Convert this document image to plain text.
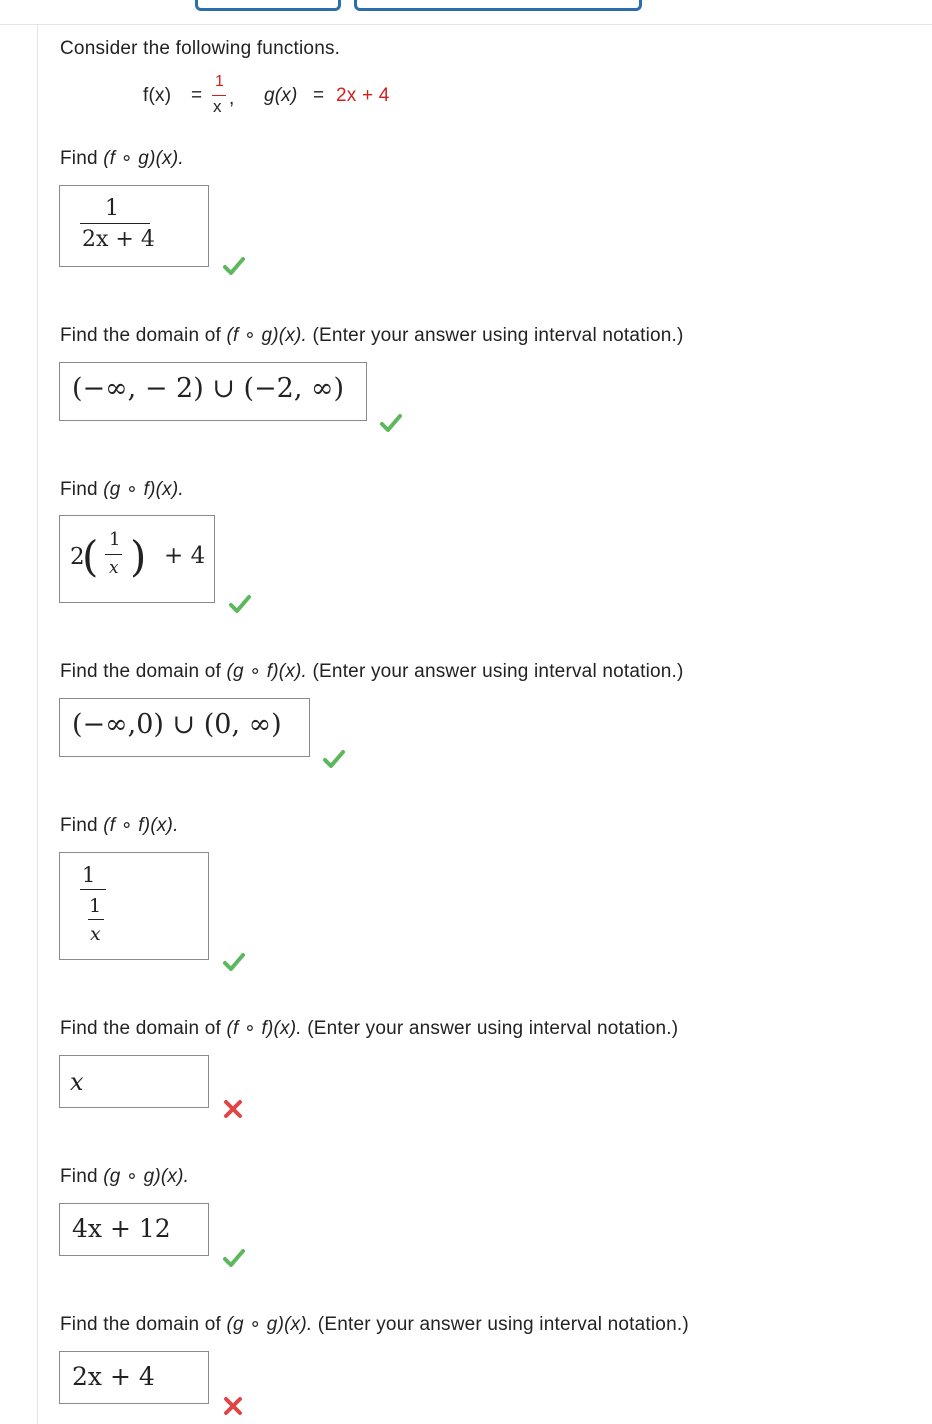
Consider the following functions.
f(x) =
1
x , g(x) = 2x + 4
Find (f ∘ g)(x).
1
2x + 4
Find the domain of (f ∘ g)(x). (Enter your answer using interval notation.)
(−∞, − 2) ∪ (−2, ∞)
Find (g ∘ f)(x).
2
( 1
x ) + 4
Find the domain of (g ∘ f)(x). (Enter your answer using interval notation.)
(−∞,0) ∪ (0, ∞)
Find (f ∘ f)(x).
1
1
x
Find the domain of (f ∘ f)(x). (Enter your answer using interval notation.)
x
Find (g ∘ g)(x).
4x + 12
Find the domain of (g ∘ g)(x). (Enter your answer using interval notation.)
2x + 4
